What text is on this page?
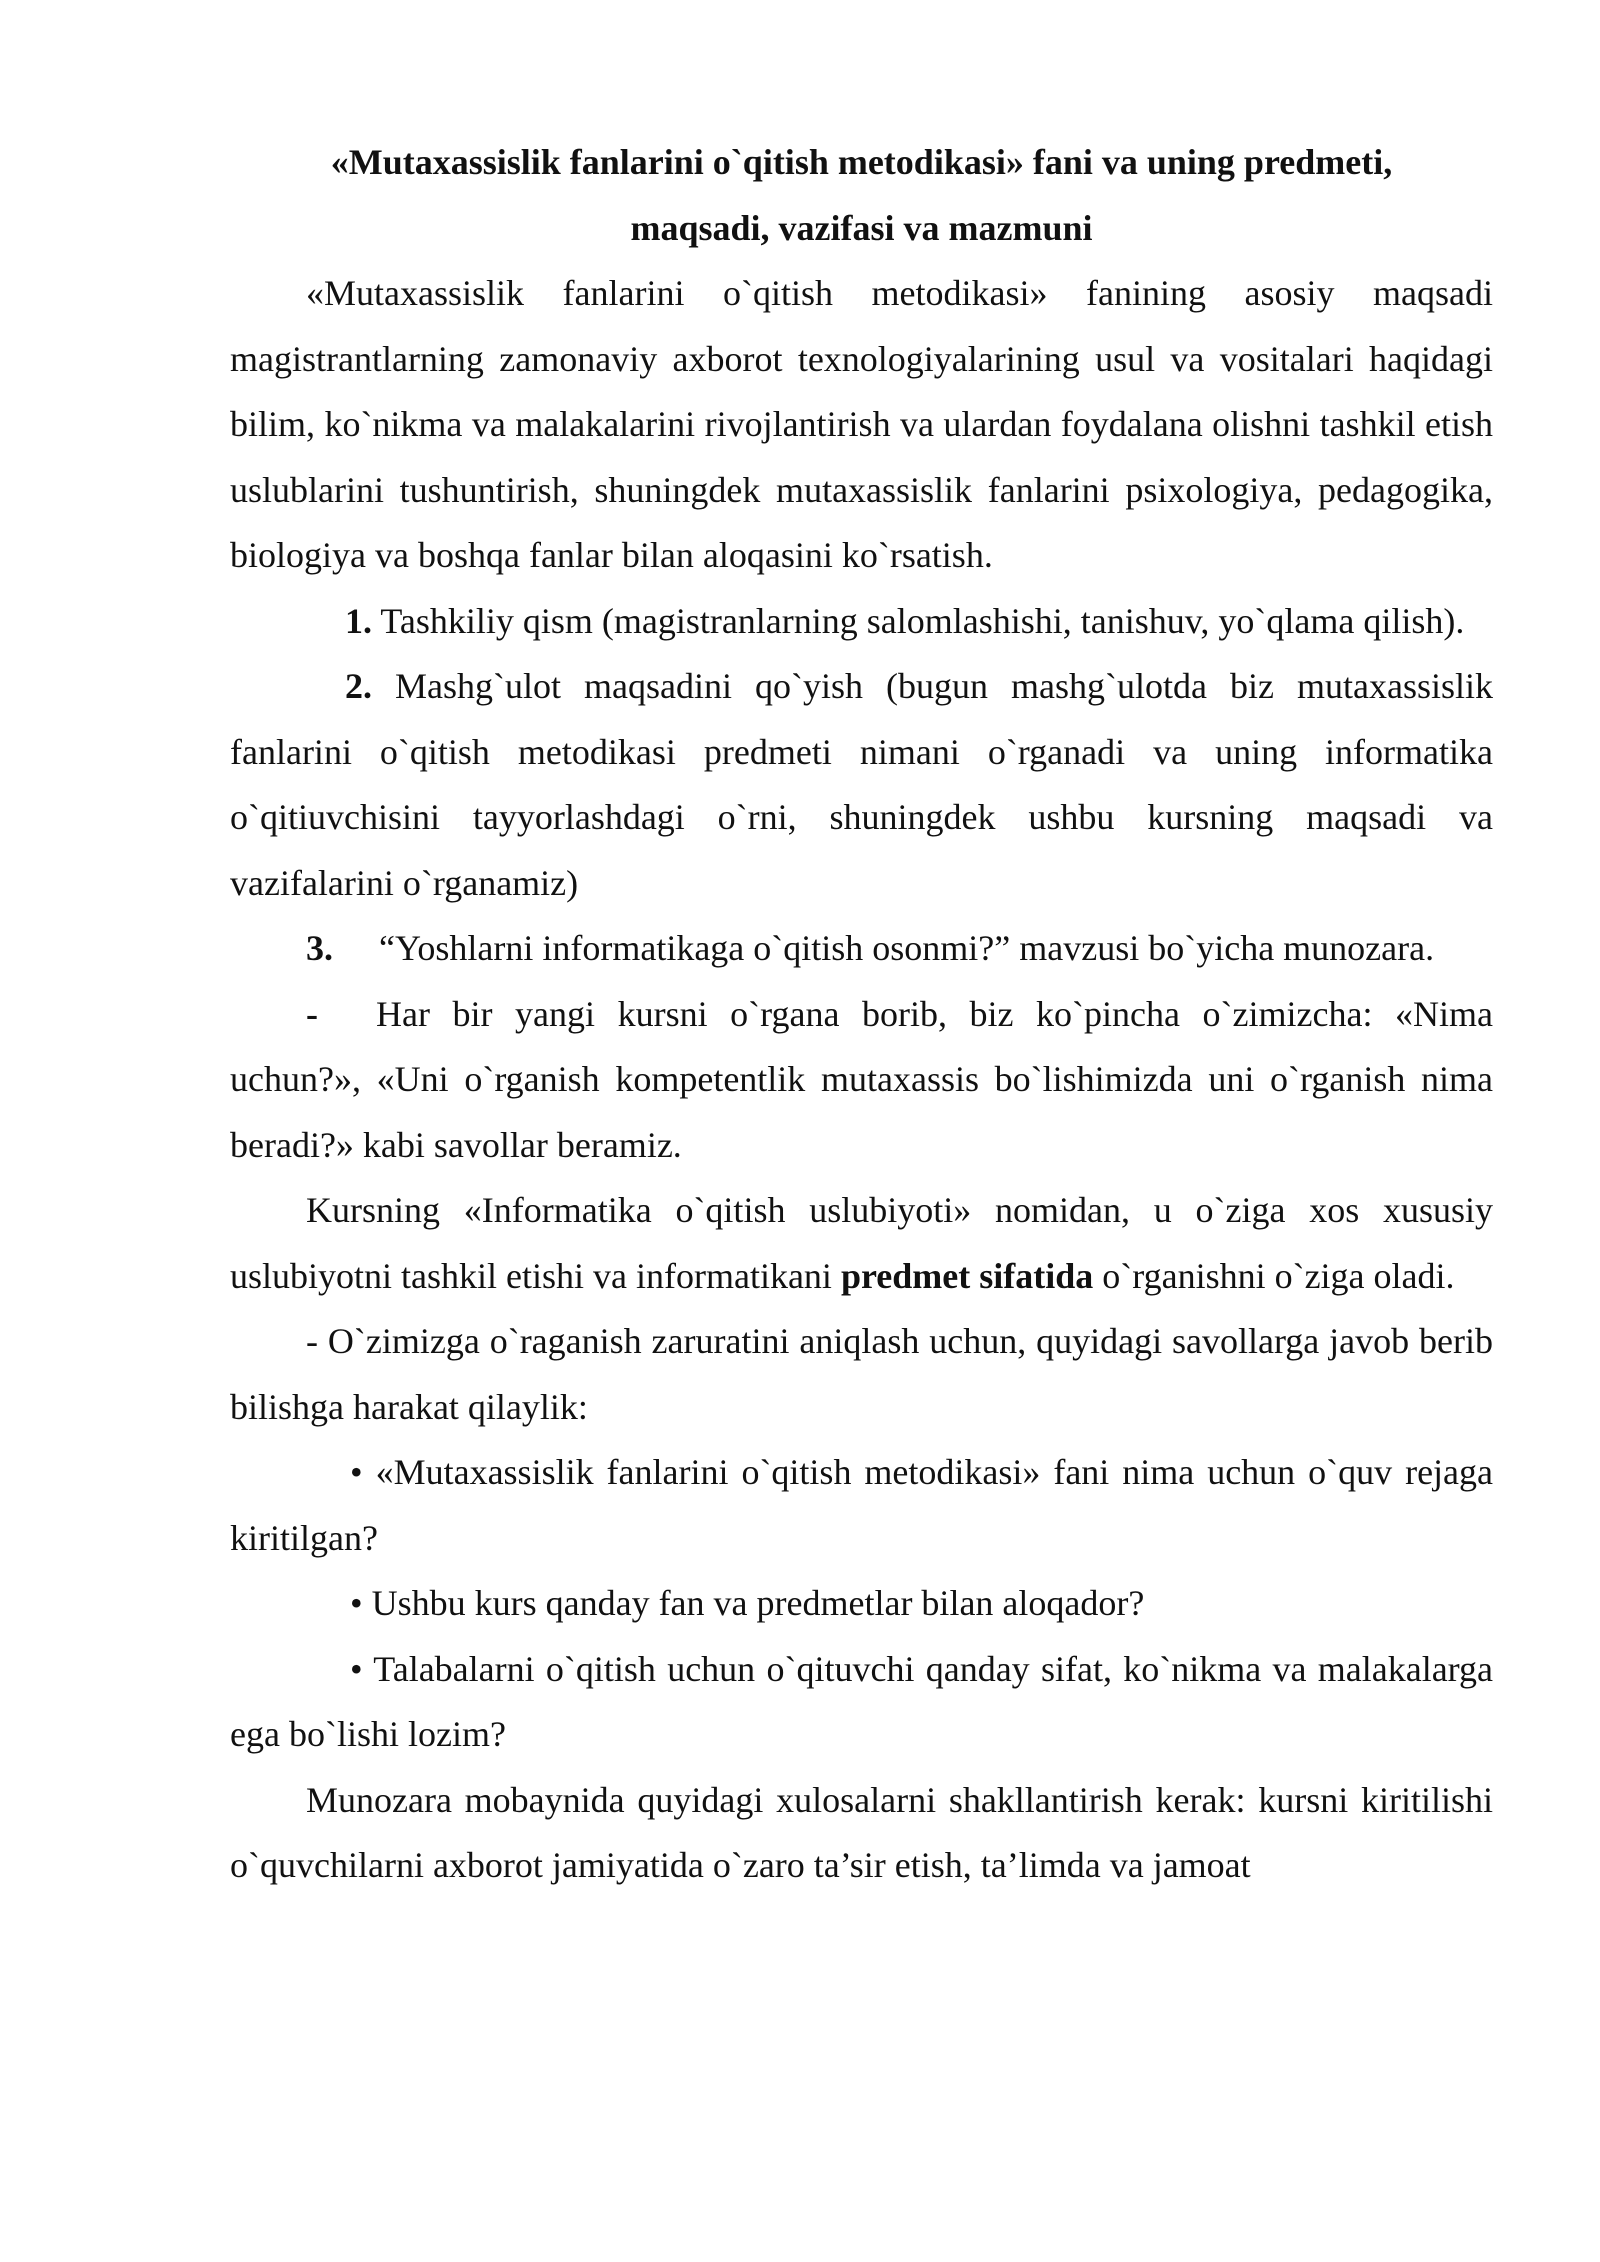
«Mutaxassislik fanlarini o`qitish metodikasi» fani va uning predmeti,
maqsadi, vazifasi va mazmuni

«Mutaxassislik fanlarini o`qitish metodikasi» fanining asosiy maqsadi magistrantlarning zamonaviy axborot texnologiyalarining usul va vositalari haqidagi bilim, ko`nikma va malakalarini rivojlantirish va ulardan foydalana olishni tashkil etish uslublarini tushuntirish, shuningdek mutaxassislik fanlarini psixologiya, pedagogika, biologiya va boshqa fanlar bilan aloqasini ko`rsatish.

1. Tashkiliy qism (magistranlarning salomlashishi, tanishuv, yo`qlama qilish).

2. Mashg`ulot maqsadini qo`yish (bugun mashg`ulotda biz mutaxassislik fanlarini o`qitish metodikasi predmeti nimani o`rganadi va uning informatika o`qitiuvchisini tayyorlashdagi o`rni, shuningdek ushbu kursning maqsadi va vazifalarini o`rganamiz)

3. “Yoshlarni informatikaga o`qitish osonmi?” mavzusi bo`yicha munozara.

- Har bir yangi kursni o`rgana borib, biz ko`pincha o`zimizcha: «Nima uchun?», «Uni o`rganish kompetentlik mutaxassis bo`lishimizda uni o`rganish nima beradi?» kabi savollar beramiz.

Kursning «Informatika o`qitish uslubiyoti» nomidan, u o`ziga xos xususiy uslubiyotni tashkil etishi va informatikani predmet sifatida o`rganishni o`ziga oladi.

- O`zimizga o`raganish zaruratini aniqlash uchun, quyidagi savollarga javob berib bilishga harakat qilaylik:

• «Mutaxassislik fanlarini o`qitish metodikasi» fani nima uchun o`quv rejaga kiritilgan?

• Ushbu kurs qanday fan va predmetlar bilan aloqador?

• Talabalarni o`qitish uchun o`qituvchi qanday sifat, ko`nikma va malakalarga ega bo`lishi lozim?

Munozara mobaynida quyidagi xulosalarni shakllantirish kerak: kursni kiritilishi o`quvchilarni axborot jamiyatida o`zaro ta’sir etish, ta’limda va jamoat
